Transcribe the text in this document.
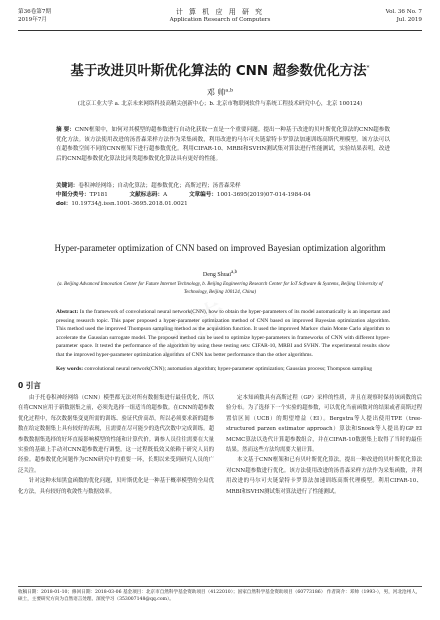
第36卷第7期
2019年7月
计 算 机 应 用 研 究
Application Research of Computers
Vol. 36 No. 7
Jul. 2019
基于改进贝叶斯优化算法的 CNN 超参数优化方法*
邓 帅$^{a,b}$
(北京工业大学 a. 北京未来网络科技高精尖创新中心；b. 北京市物联网软件与系统工程技术研究中心，北京 100124)
摘 要：CNN框架中，如何对其模型的超参数进行自动化获取一直是一个重要问题。提出一种基于改进的贝叶斯优化算法的CNN超参数优化方法。该方法使用改进的汤普森采样方法作为采集函数，利用改进的马尔可夫链蒙特卡罗算法加速训练高斯代理模型。该方法可以在超参数空间不同的CNN框架下进行超参数优化。利用CIFAR-10、MRBI和SVHN测试集对算法进行性能测试，实验结果表明，改进后的CNN超参数优化算法比同类超参数优化算法具有更好的性能。
关键词：卷积神经网络；自动化算法；超参数优化；高斯过程；汤普森采样
中图分类号：TP181	文献标志码：A	文章编号：1001-3695(2019)07-014-1984-04
doi：10.19734/j.issn.1001-3695.2018.01.0021
Hyper-parameter optimization of CNN based on improved Bayesian optimization algorithm
Deng Shuai$^{a,b}$
(a. Beijing Advanced Innovation Center for Future Internet Technology, b. Beijing Engineering Research Center for IoT Software & Systems, Beijing University of Technology, Beijing 100124, China)
Abstract: In the framework of convolutional neural network(CNN), how to obtain the hyper-parameters of its model automatically is an important and pressing research topic. This paper proposed a hyper-parameter optimization method of CNN based on improved Bayesian optimization algorithm. This method used the improved Thompson sampling method as the acquisition function. It used the improved Markov chain Monte Carlo algorithm to accelerate the Gaussian surrogate model. The proposed method can be used to optimize hyper-parameters in frameworks of CNN with different hyper-parameter space. It tested the performance of the algorithm by using these testing sets: CIFAR-10, MRBI and SVHN. The experimental results show that the improved hyper-parameter optimization algorithm of CNN has better performance than the other algorithms.
Key words: convolutional neural network(CNN); automation algorithm; hyper-parameter optimization; Gaussian process; Thompson sampling
0 引言

由于托卷积神经网络（CNN）模型都无法对所有数据集进行最佳优化，所以在将CNN应用于新数据集之前，必须先选择一组适当的超参数。在CNN的超参数优化过程中，每次数据集变更所需的训练、验证代价高昂，所以必须要求新的超参数在给定数据集上具有较好的表现，且需要在尽可能少的迭代次数中完成训练。超参数数据集选择的好坏直接影响模型的性能和计算代价。调参人员往往需要在大量实验的基础上手动对CNN超参数进行调整，这一过程既低效又依赖于研究人员的经验。超参数优化问题作为CNN研究中的重要一环，长期以来受到研究人员的广泛关注。

针对这种未知黑盒函数的优化问题，贝叶斯优化是一种基于概率模型的全局优化方法，具有较好的收敛性与数据效率。

定本知函数具有高斯过程（GP）采样的性质，并且在观察时保持该函数的后验分布。为了选择下一个实验的超参数，可以优化当前函数对的结果或者高斯过程置信区间（UCB）的期望增益（EI）。Bergstra等人提出使用TPE（tree-structured parzen estimator approach）算法和Snoek等人提出的GP EI MCMC算法以迭代计算超参数组合，并在CIFAR-10数据集上取得了当时的最佳结果。然而这些方法均需要大量计算。

本文基于CNN框架和已有贝叶斯优化算法，提出一种改进的贝叶斯优化算法对CNN超参数进行优化。该方法使用改进的汤普森采样方法作为采集函数，并利用改进的马尔可夫链蒙特卡罗算法加速训练高斯代理模型。利用CIFAR-10、MRBI和SVHN测试集对算法进行了性能测试。

收稿日期：2018-01-10；修回日期：2018-03-06 基金项目：北京市自然科学基金资助项目（4122010）；国家自然科学基金资助项目（60773186） 作者简介：邓帅（1993-），男，河北沧州人，硕士，主要研究方向为自然语言处理、深度学习（353007148@qq.com）。
